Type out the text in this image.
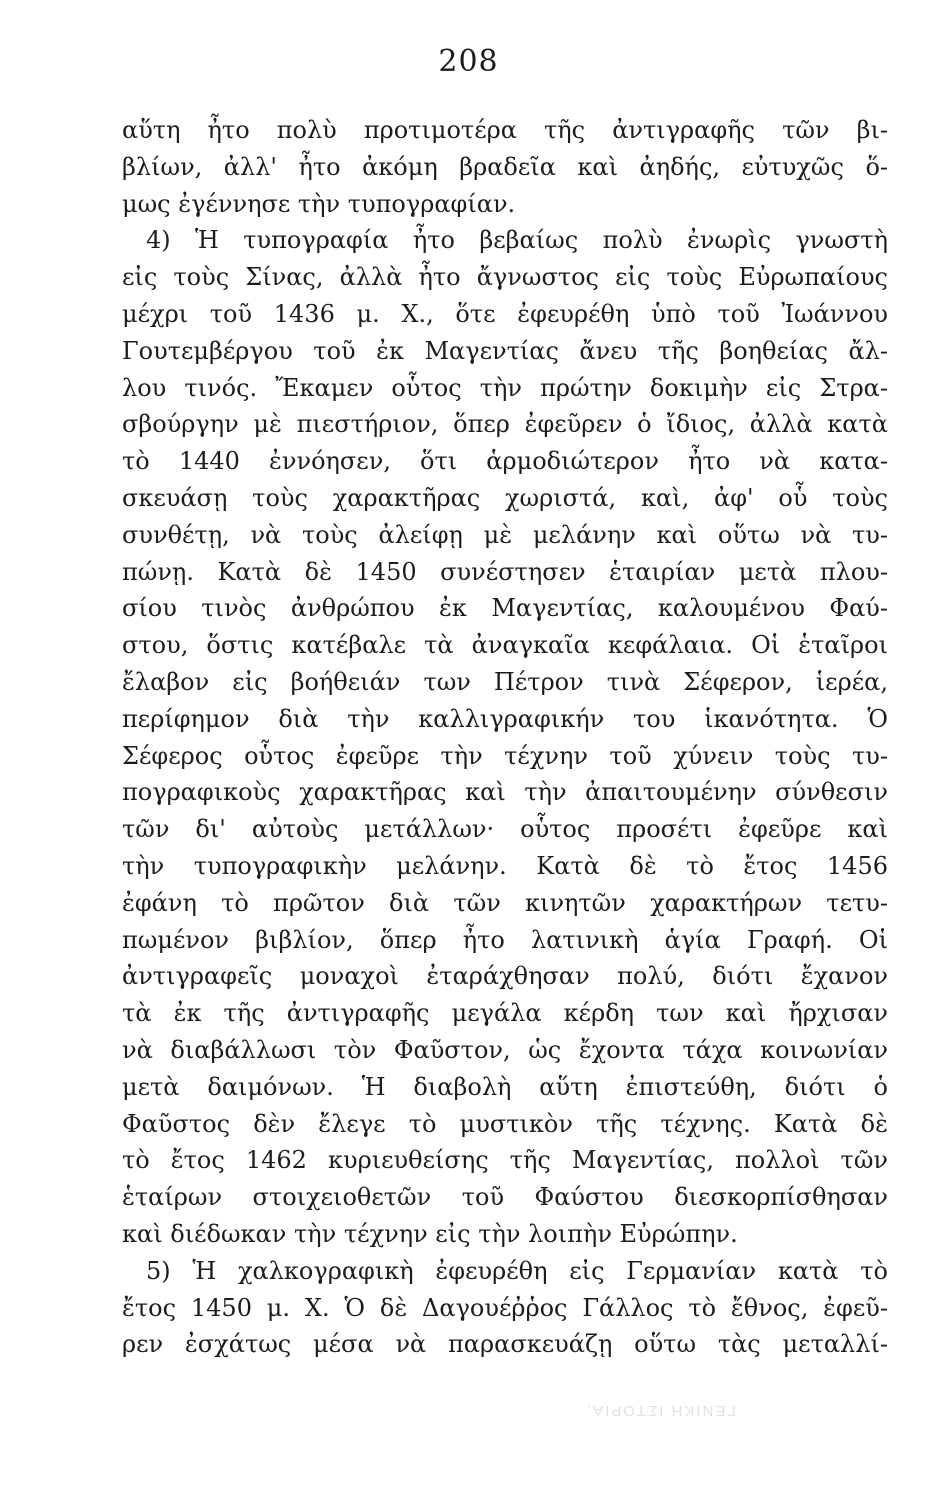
208
αὕτη ἦτο πολὺ προτιμοτέρα τῆς ἀντιγραφῆς τῶν βι-
βλίων, ἀλλ' ἦτο ἀκόμη βραδεῖα καὶ ἀηδής, εὐτυχῶς ὅ-
μως ἐγέννησε τὴν τυπογραφίαν.
4) Ἡ τυπογραφία ἦτο βεβαίως πολὺ ἐνωρὶς γνωστὴ
εἰς τοὺς Σίνας, ἀλλὰ ἦτο ἄγνωστος εἰς τοὺς Εὐρωπαίους
μέχρι τοῦ 1436 μ. Χ., ὅτε ἐφευρέθη ὑπὸ τοῦ Ἰωάννου
Γουτεμβέργου τοῦ ἐκ Μαγεντίας ἄνευ τῆς βοηθείας ἄλ-
λου τινός. Ἔκαμεν οὗτος τὴν πρώτην δοκιμὴν εἰς Στρα-
σβούργην μὲ πιεστήριον, ὅπερ ἐφεῦρεν ὁ ἴδιος, ἀλλὰ κατὰ
τὸ 1440 ἐννόησεν, ὅτι ἁρμοδιώτερον ἦτο νὰ κατα-
σκευάσῃ τοὺς χαρακτῆρας χωριστά, καὶ, ἀφ' οὗ τοὺς
συνθέτῃ, νὰ τοὺς ἀλείφῃ μὲ μελάνην καὶ οὕτω νὰ τυ-
πώνῃ. Κατὰ δὲ 1450 συνέστησεν ἑταιρίαν μετὰ πλου-
σίου τινὸς ἀνθρώπου ἐκ Μαγεντίας, καλουμένου Φαύ-
στου, ὅστις κατέβαλε τὰ ἀναγκαῖα κεφάλαια. Οἱ ἑταῖροι
ἔλαβον εἰς βοήθειάν των Πέτρον τινὰ Σέφερον, ἱερέα,
περίφημον διὰ τὴν καλλιγραφικήν του ἱκανότητα. Ὁ
Σέφερος οὗτος ἐφεῦρε τὴν τέχνην τοῦ χύνειν τοὺς τυ-
πογραφικοὺς χαρακτῆρας καὶ τὴν ἀπαιτουμένην σύνθεσιν
τῶν δι' αὐτοὺς μετάλλων· οὗτος προσέτι ἐφεῦρε καὶ
τὴν τυπογραφικὴν μελάνην. Κατὰ δὲ τὸ ἔτος 1456
ἐφάνη τὸ πρῶτον διὰ τῶν κινητῶν χαρακτήρων τετυ-
πωμένον βιβλίον, ὅπερ ἦτο λατινικὴ ἁγία Γραφή. Οἱ
ἀντιγραφεῖς μοναχοὶ ἐταράχθησαν πολύ, διότι ἔχανον
τὰ ἐκ τῆς ἀντιγραφῆς μεγάλα κέρδη των καὶ ἤρχισαν
νὰ διαβάλλωσι τὸν Φαῦστον, ὡς ἔχοντα τάχα κοινωνίαν
μετὰ δαιμόνων. Ἡ διαβολὴ αὕτη ἐπιστεύθη, διότι ὁ
Φαῦστος δὲν ἔλεγε τὸ μυστικὸν τῆς τέχνης. Κατὰ δὲ
τὸ ἔτος 1462 κυριευθείσης τῆς Μαγεντίας, πολλοὶ τῶν
ἑταίρων στοιχειοθετῶν τοῦ Φαύστου διεσκορπίσθησαν
καὶ διέδωκαν τὴν τέχνην εἰς τὴν λοιπὴν Εὐρώπην.
5) Ἡ χαλκογραφικὴ ἐφευρέθη εἰς Γερμανίαν κατὰ τὸ
ἔτος 1450 μ. Χ. Ὁ δὲ Δαγουέῤῥος Γάλλος τὸ ἔθνος, ἐφεῦ-
ρεν ἐσχάτως μέσα νὰ παρασκευάζῃ οὕτω τὰς μεταλλί-
ΓΕΝΙΚΗ ΙΣΤΟΡΙΑ.
